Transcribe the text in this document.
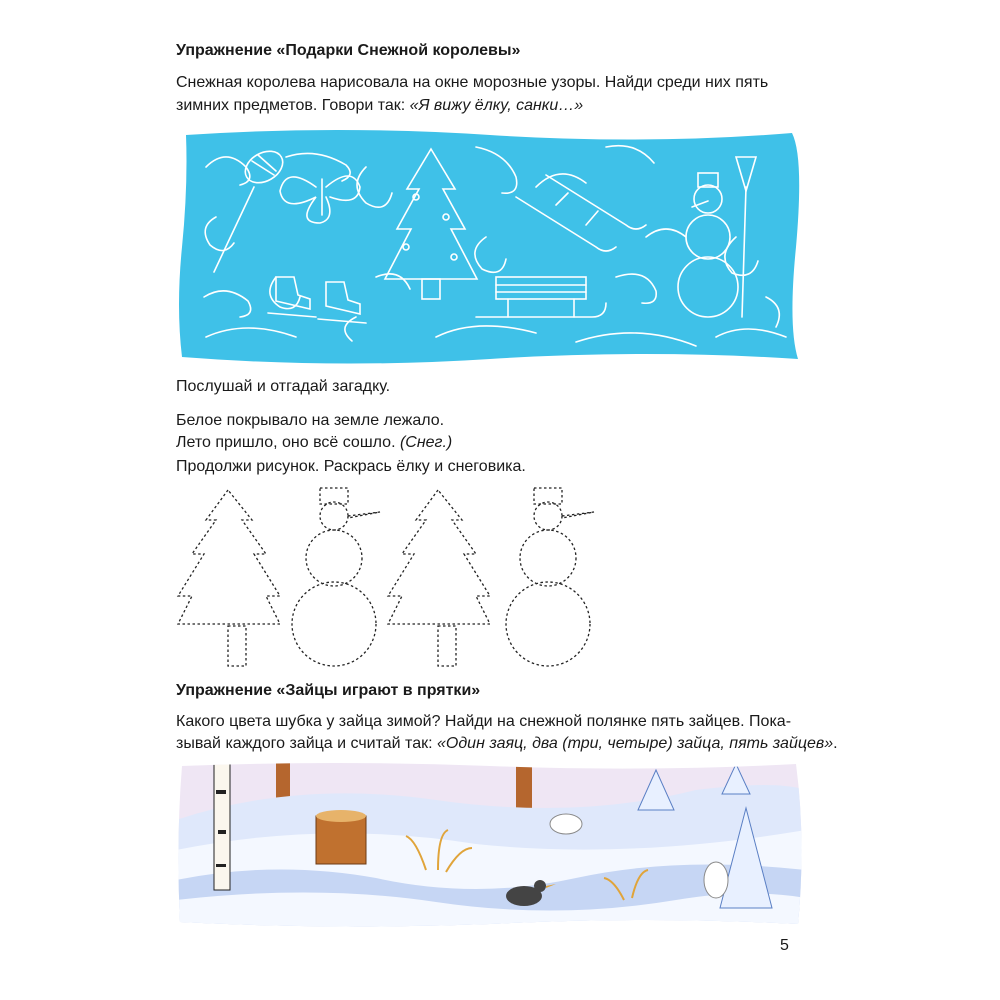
Упражнение «Подарки Снежной королевы»
Снежная королева нарисовала на окне морозные узоры. Найди среди них пять
зимних предметов. Говори так: «Я вижу ёлку, санки…»
Послушай и отгадай загадку.
Белое покрывало на земле лежало.
Лето пришло, оно всё сошло. (Снег.)
Продолжи рисунок. Раскрась ёлку и снеговика.
Упражнение «Зайцы играют в прятки»
Какого цвета шубка у зайца зимой? Найди на снежной полянке пять зайцев. Пока-
зывай каждого зайца и считай так: «Один заяц, два (три, четыре) зайца, пять зайцев».
5
